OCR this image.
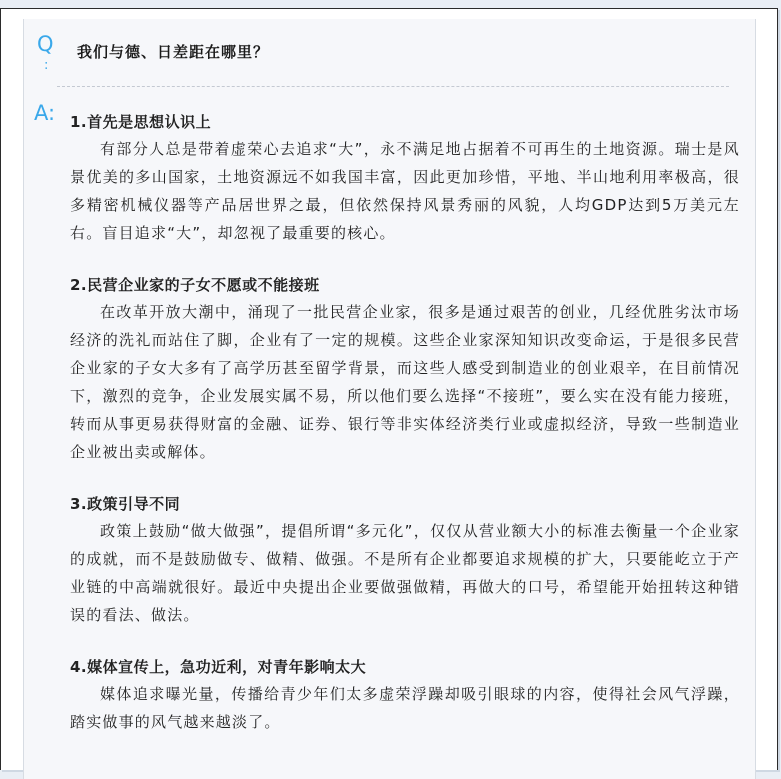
Q
:
我们与德、日差距在哪里？
A: 1.首先是思想认识上

有部分人总是带着虚荣心去追求“大”，永不满足地占据着不可再生的土地资源。瑞士是风景优美的多山国家，土地资源远不如我国丰富，因此更加珍惜，平地、半山地利用率极高，很多精密机械仪器等产品居世界之最，但依然保持风景秀丽的风貌，人均GDP达到5万美元左右。盲目追求“大”，却忽视了最重要的核心。

2.民营企业家的子女不愿或不能接班

在改革开放大潮中，涌现了一批民营企业家，很多是通过艰苦的创业，几经优胜劣汰市场经济的洗礼而站住了脚，企业有了一定的规模。这些企业家深知知识改变命运，于是很多民营企业家的子女大多有了高学历甚至留学背景，而这些人感受到制造业的创业艰辛，在目前情况下，激烈的竞争，企业发展实属不易，所以他们要么选择“不接班”，要么实在没有能力接班，转而从事更易获得财富的金融、证券、银行等非实体经济类行业或虚拟经济，导致一些制造业企业被出卖或解体。

3.政策引导不同

政策上鼓励“做大做强”，提倡所谓“多元化”，仅仅从营业额大小的标准去衡量一个企业家的成就，而不是鼓励做专、做精、做强。不是所有企业都要追求规模的扩大，只要能屹立于产业链的中高端就很好。最近中央提出企业要做强做精，再做大的口号，希望能开始扭转这种错误的看法、做法。

4.媒体宣传上，急功近利，对青年影响太大

媒体追求曝光量，传播给青少年们太多虚荣浮躁却吸引眼球的内容，使得社会风气浮躁，踏实做事的风气越来越淡了。
